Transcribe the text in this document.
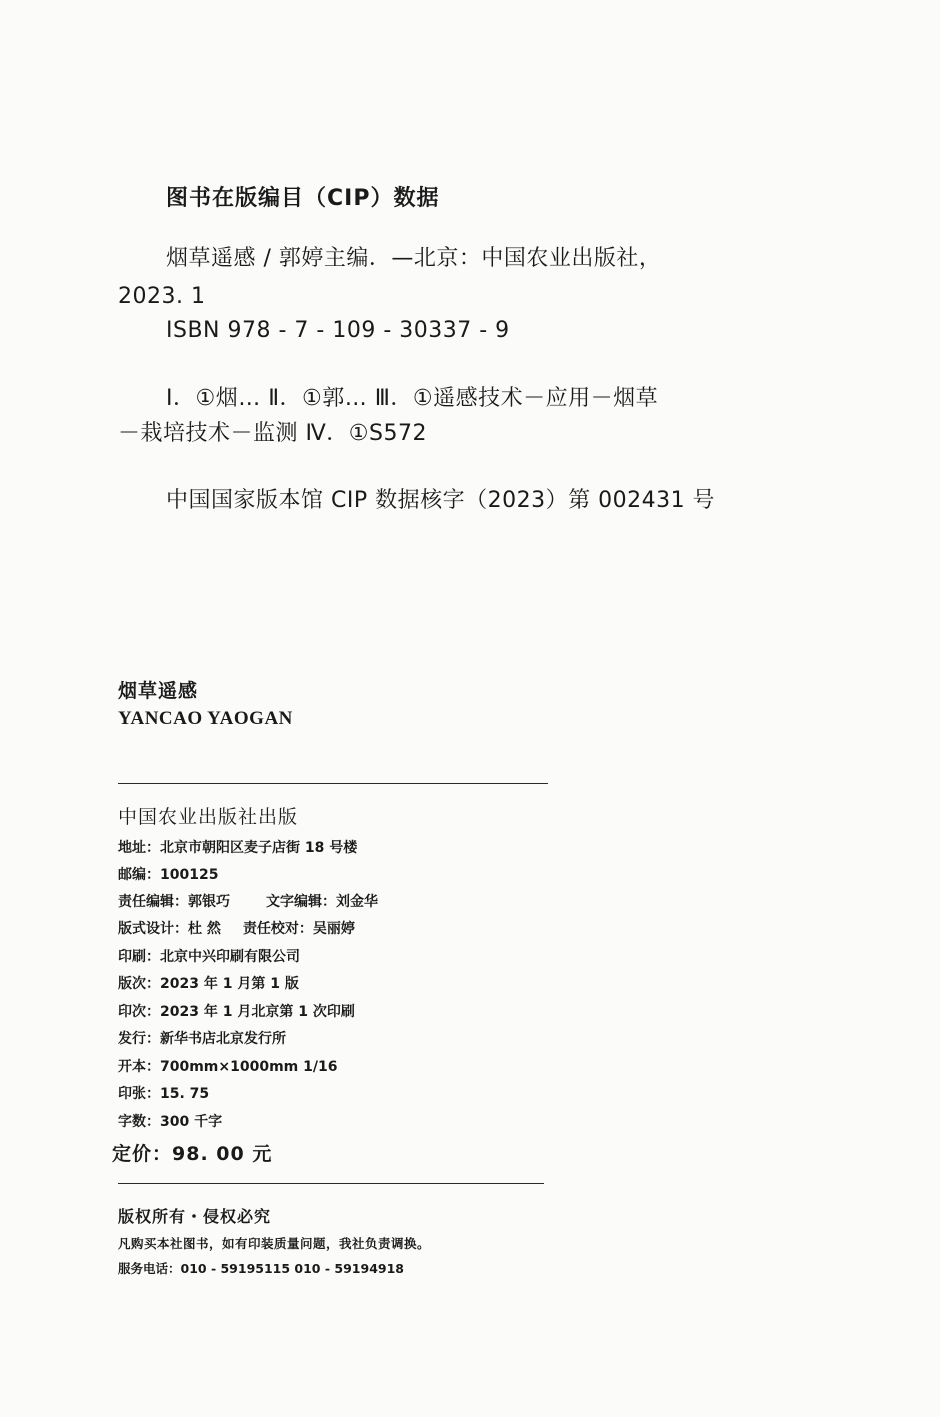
图书在版编目（CIP）数据
烟草遥感 / 郭婷主编．—北京：中国农业出版社，
2023. 1
ISBN 978 - 7 - 109 - 30337 - 9
Ⅰ．①烟… Ⅱ．①郭… Ⅲ．①遥感技术－应用－烟草
－栽培技术－监测 Ⅳ．①S572
中国国家版本馆 CIP 数据核字（2023）第 002431 号
烟草遥感
YANCAO YAOGAN
中国农业出版社出版
地址：北京市朝阳区麦子店街 18 号楼
邮编：100125
责任编辑：郭银巧	文字编辑：刘金华
版式设计：杜 然 责任校对：吴丽婷
印刷：北京中兴印刷有限公司
版次：2023 年 1 月第 1 版
印次：2023 年 1 月北京第 1 次印刷
发行：新华书店北京发行所
开本：700mm×1000mm 1/16
印张：15. 75
字数：300 千字
定价：98. 00 元
版权所有・侵权必究
凡购买本社图书，如有印装质量问题，我社负责调换。
服务电话：010 - 59195115 010 - 59194918
